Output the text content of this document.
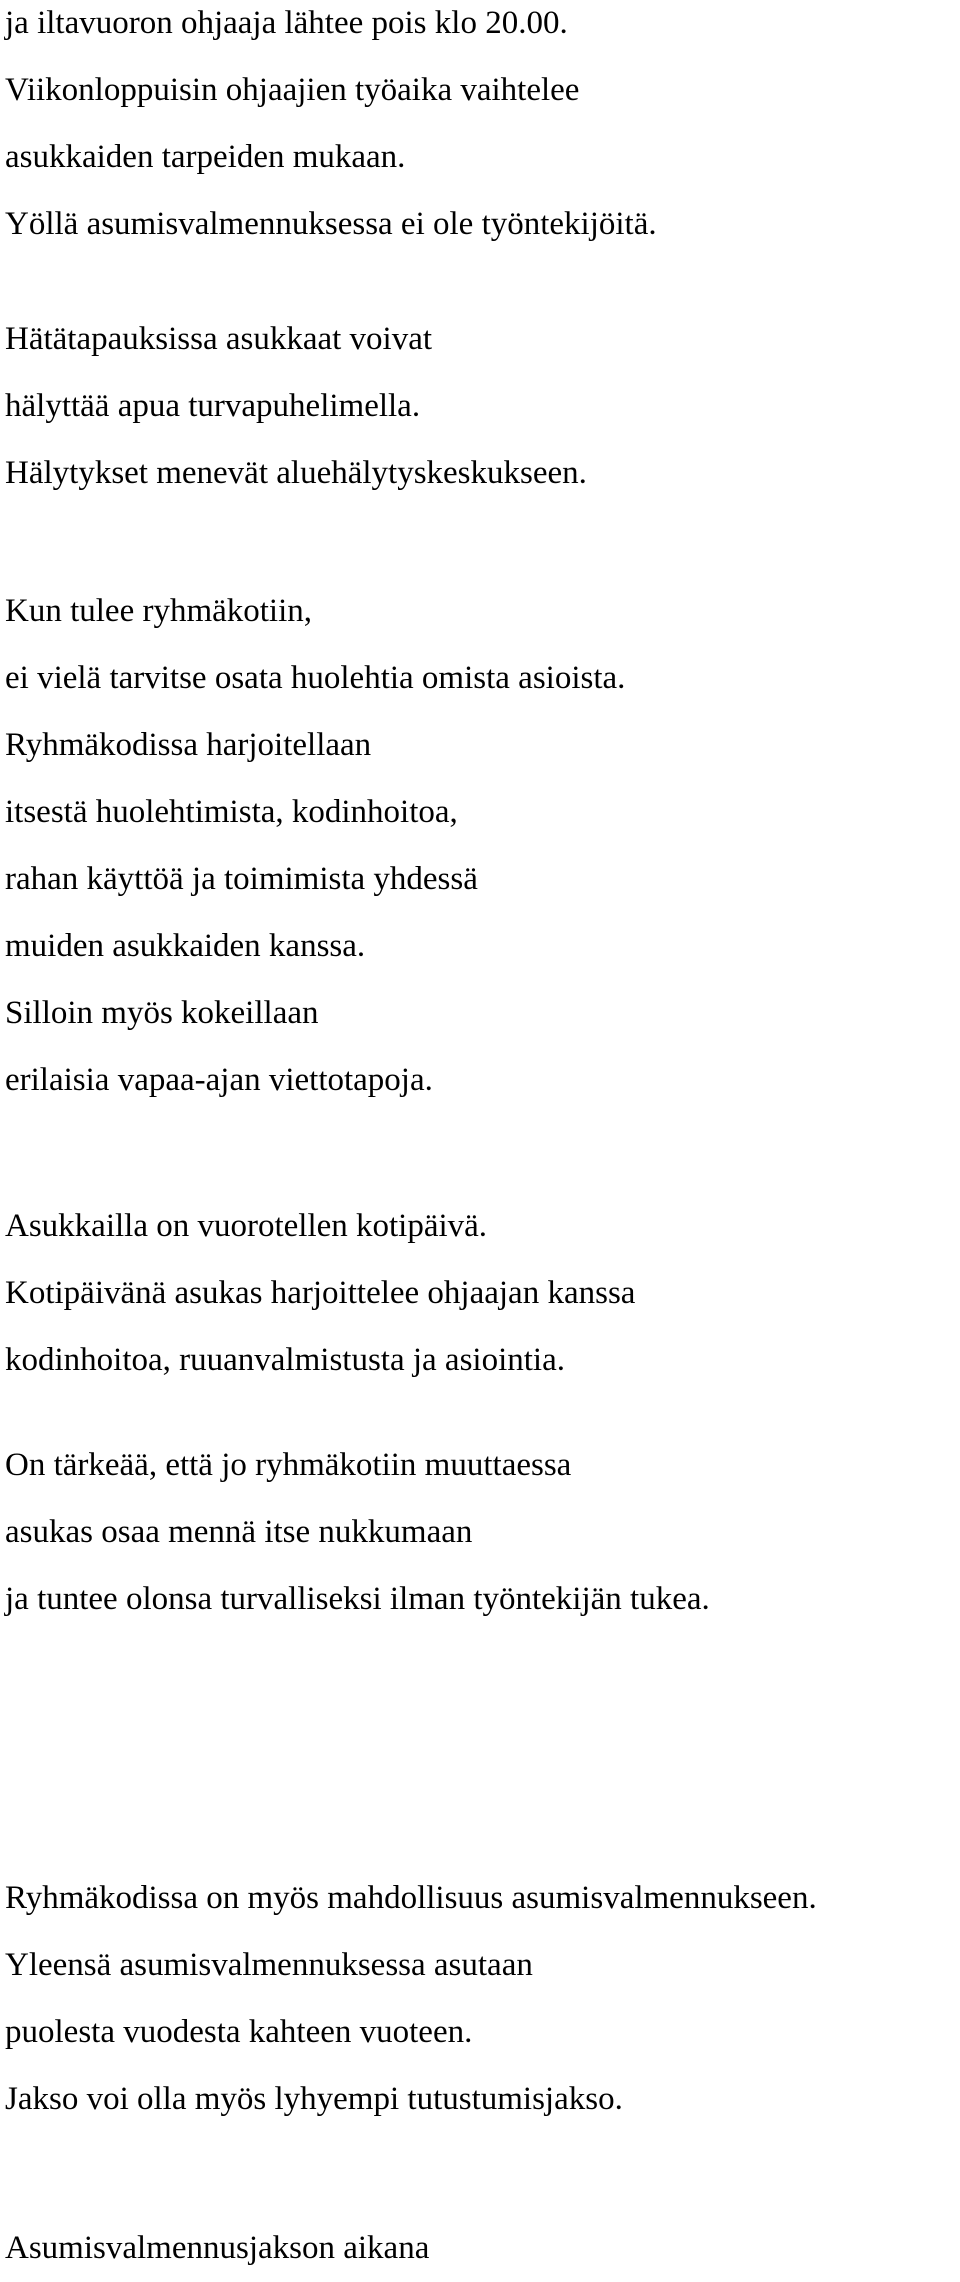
ja iltavuoron ohjaaja lähtee pois klo 20.00.
Viikonloppuisin ohjaajien työaika vaihtelee
asukkaiden tarpeiden mukaan.
Yöllä asumisvalmennuksessa ei ole työntekijöitä.
Hätätapauksissa asukkaat voivat
hälyttää apua turvapuhelimella.
Hälytykset menevät aluehälytyskeskukseen.
Kun tulee ryhmäkotiin,
ei vielä tarvitse osata huolehtia omista asioista.
Ryhmäkodissa harjoitellaan
itsestä huolehtimista, kodinhoitoa,
rahan käyttöä ja toimimista yhdessä
muiden asukkaiden kanssa.
Silloin myös kokeillaan
erilaisia vapaa-ajan viettotapoja.
Asukkailla on vuorotellen kotipäivä.
Kotipäivänä asukas harjoittelee ohjaajan kanssa
kodinhoitoa, ruuanvalmistusta ja asiointia.
On tärkeää, että jo ryhmäkotiin muuttaessa
asukas osaa mennä itse nukkumaan
ja tuntee olonsa turvalliseksi ilman työntekijän tukea.
Ryhmäkodissa on myös mahdollisuus asumisvalmennukseen.
Yleensä asumisvalmennuksessa asutaan
puolesta vuodesta kahteen vuoteen.
Jakso voi olla myös lyhyempi tutustumisjakso.
Asumisvalmennusjakson aikana
